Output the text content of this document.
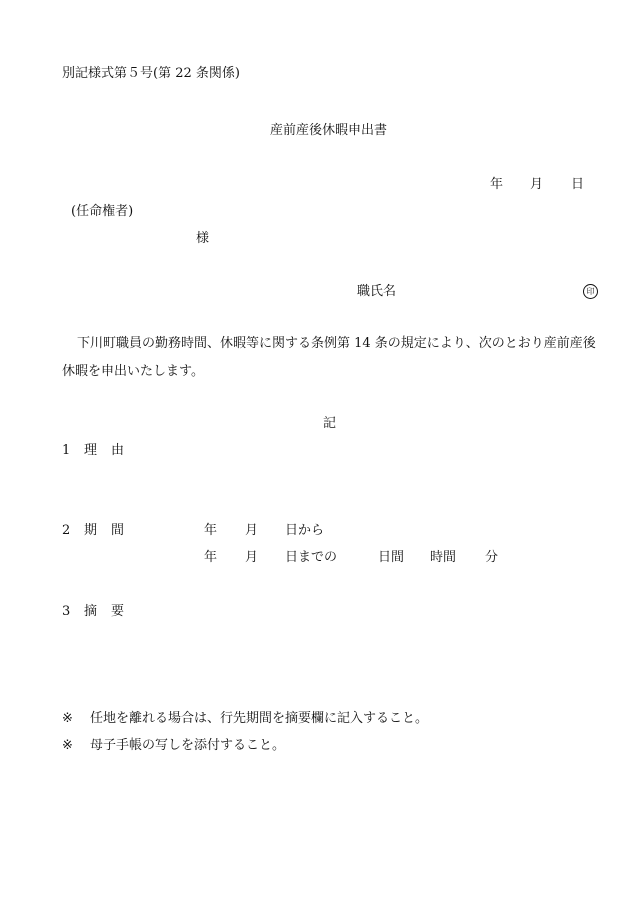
別記様式第５号(第 22 条関係)
産前産後休暇申出書
年 月 日
(任命権者)
様
職氏名	印
下川町職員の勤務時間、休暇等に関する条例第 14 条の規定により、次のとおり産前産後
休暇を申出いたします。
記
1 理 由
2 期 間	年 月 日から
年 月 日までの	日間 時間 分
3 摘 要
※ 任地を離れる場合は、行先期間を摘要欄に記入すること。
※ 母子手帳の写しを添付すること。
